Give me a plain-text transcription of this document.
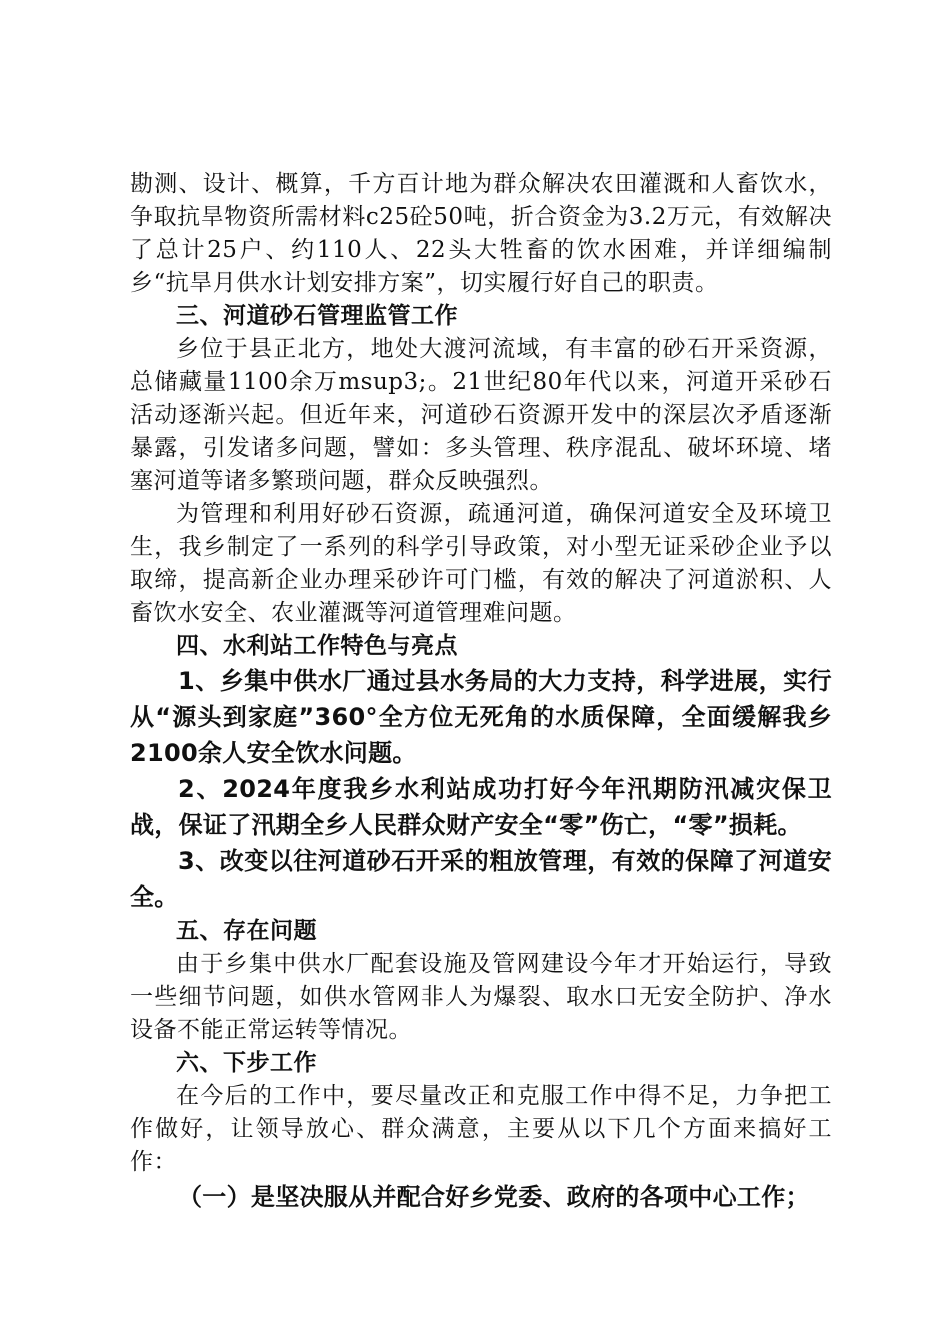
勘测、设计、概算，千方百计地为群众解决农田灌溉和人畜饮水，争取抗旱物资所需材料c25砼50吨，折合资金为3.2万元，有效解决了总计25户、约110人、22头大牲畜的饮水困难，并详细编制乡“抗旱月供水计划安排方案”，切实履行好自己的职责。

三、河道砂石管理监管工作

乡位于县正北方，地处大渡河流域，有丰富的砂石开采资源，总储藏量1100余万msup3;。21世纪80年代以来，河道开采砂石活动逐渐兴起。但近年来，河道砂石资源开发中的深层次矛盾逐渐暴露，引发诸多问题，譬如：多头管理、秩序混乱、破坏环境、堵塞河道等诸多繁琐问题，群众反映强烈。

为管理和利用好砂石资源，疏通河道，确保河道安全及环境卫生，我乡制定了一系列的科学引导政策，对小型无证采砂企业予以取缔，提高新企业办理采砂许可门槛，有效的解决了河道淤积、人畜饮水安全、农业灌溉等河道管理难问题。

四、水利站工作特色与亮点

1、乡集中供水厂通过县水务局的大力支持，科学进展，实行从“源头到家庭”360°全方位无死角的水质保障，全面缓解我乡2100余人安全饮水问题。

2、2024年度我乡水利站成功打好今年汛期防汛减灾保卫战，保证了汛期全乡人民群众财产安全“零”伤亡，“零”损耗。

3、改变以往河道砂石开采的粗放管理，有效的保障了河道安全。

五、存在问题

由于乡集中供水厂配套设施及管网建设今年才开始运行，导致一些细节问题，如供水管网非人为爆裂、取水口无安全防护、净水设备不能正常运转等情况。

六、下步工作

在今后的工作中，要尽量改正和克服工作中得不足，力争把工作做好，让领导放心、群众满意，主要从以下几个方面来搞好工作：

（一）是坚决服从并配合好乡党委、政府的各项中心工作；
